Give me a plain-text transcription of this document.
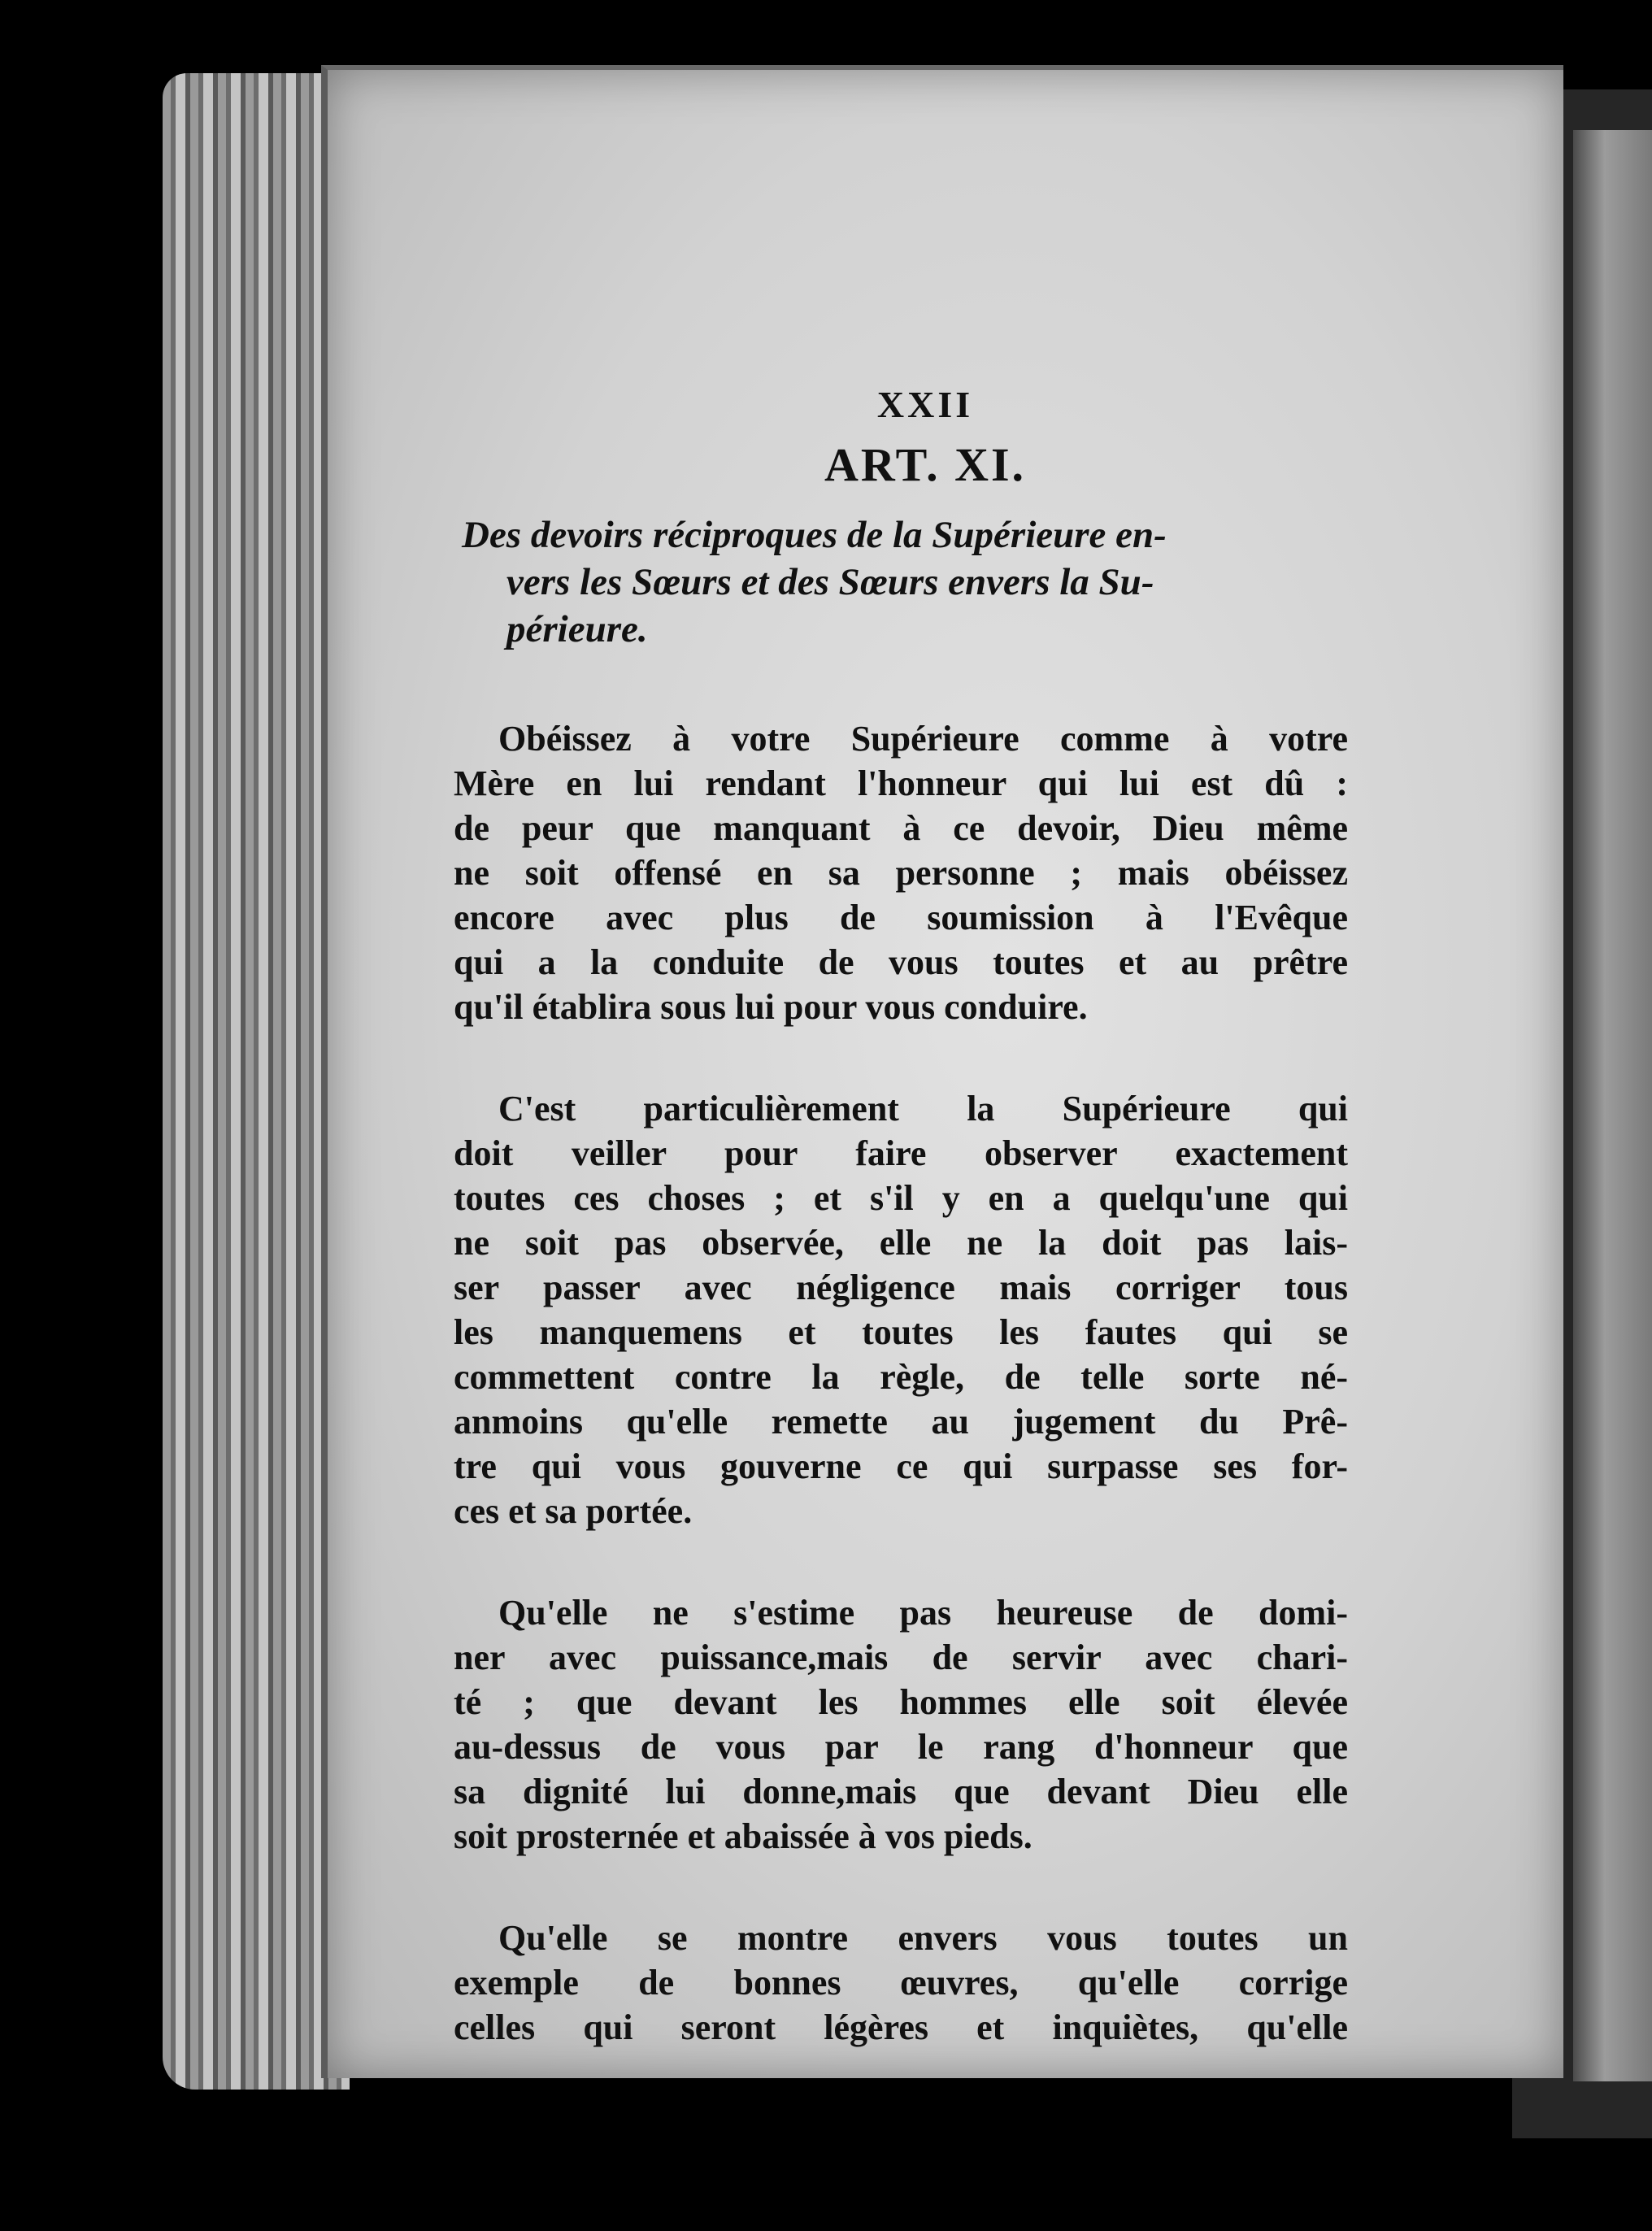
XXII
ART. XI.
Des devoirs réciproques de la Supérieure en-
vers les Sœurs et des Sœurs envers la Su-
périeure.
Obéissez à votre Supérieure comme à votre
Mère en lui rendant l'honneur qui lui est dû :
de peur que manquant à ce devoir, Dieu même
ne soit offensé en sa personne ; mais obéissez
encore avec plus de soumission à l'Evêque
qui a la conduite de vous toutes et au prêtre
qu'il établira sous lui pour vous conduire.
C'est particulièrement la Supérieure qui
doit veiller pour faire observer exactement
toutes ces choses ; et s'il y en a quelqu'une qui
ne soit pas observée, elle ne la doit pas lais-
ser passer avec négligence mais corriger tous
les manquemens et toutes les fautes qui se
commettent contre la règle, de telle sorte né-
anmoins qu'elle remette au jugement du Prê-
tre qui vous gouverne ce qui surpasse ses for-
ces et sa portée.
Qu'elle ne s'estime pas heureuse de domi-
ner avec puissance,mais de servir avec chari-
té ; que devant les hommes elle soit élevée
au-dessus de vous par le rang d'honneur que
sa dignité lui donne,mais que devant Dieu elle
soit prosternée et abaissée à vos pieds.
Qu'elle se montre envers vous toutes un
exemple de bonnes œuvres, qu'elle corrige
celles qui seront légères et inquiètes, qu'elle
